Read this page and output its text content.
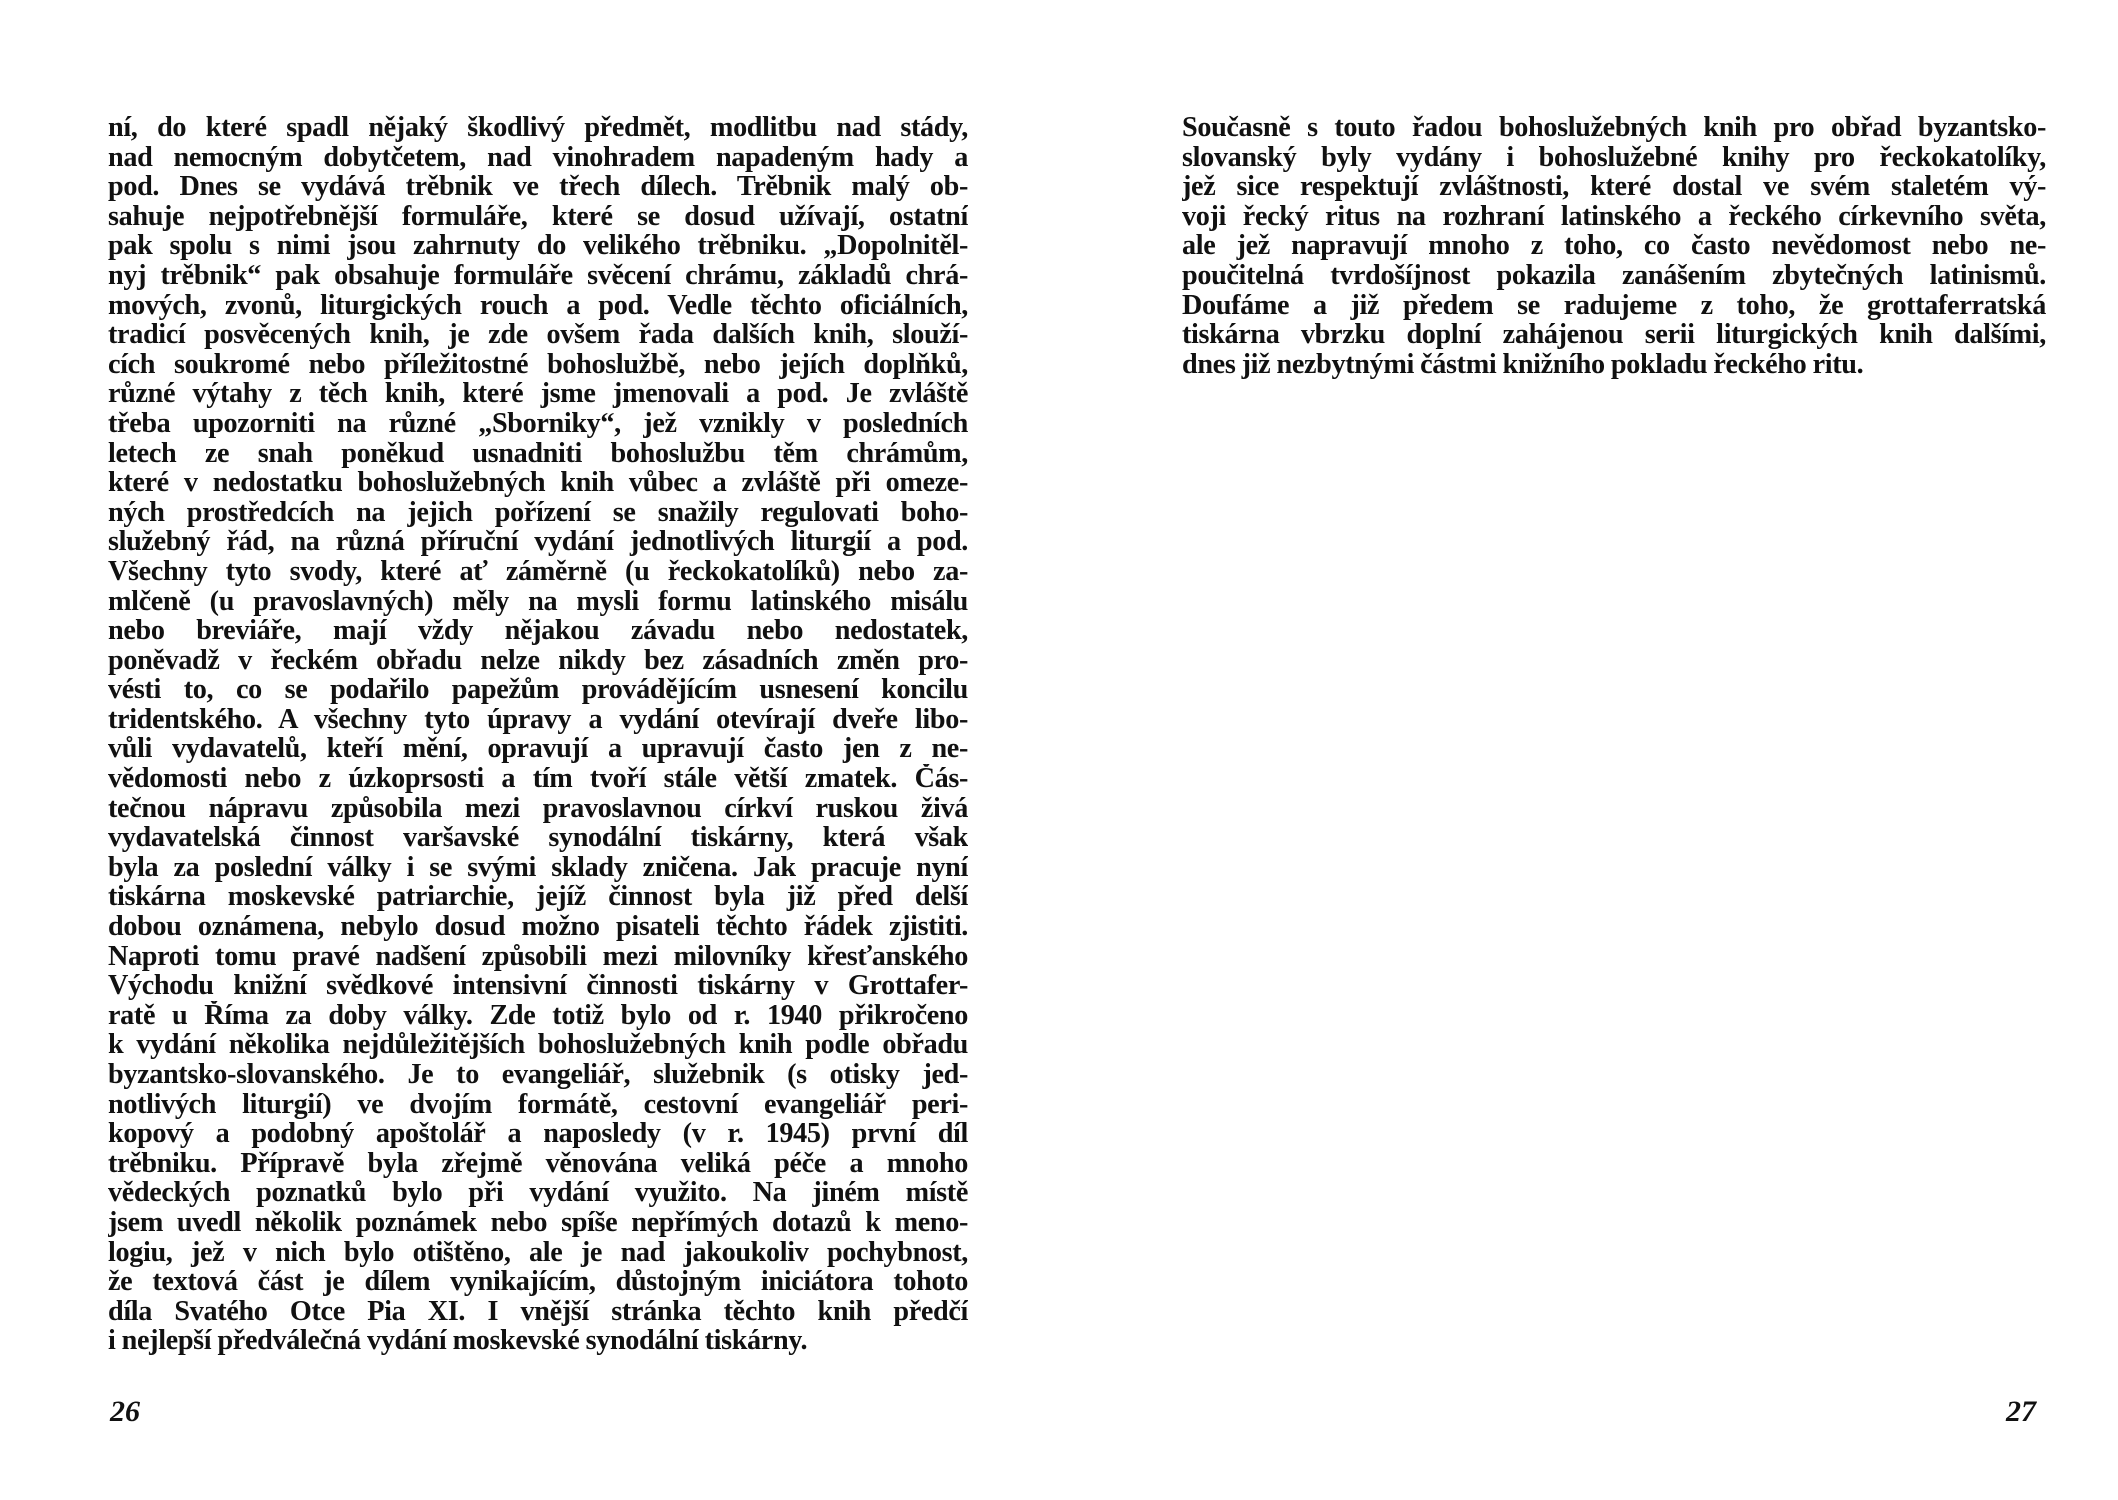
ní, do které spadl nějaký škodlivý předmět, modlitbu nad stády,
nad nemocným dobytčetem, nad vinohradem napadeným hady a
pod. Dnes se vydává trěbnik ve třech dílech. Trěbnik malý ob-
sahuje nejpotřebnější formuláře, které se dosud užívají, ostatní
pak spolu s nimi jsou zahrnuty do velikého trěbniku. „Dopolnitěl-
nyj trěbnik“ pak obsahuje formuláře svěcení chrámu, základů chrá-
mových, zvonů, liturgických rouch a pod. Vedle těchto oficiálních,
tradicí posvěcených knih, je zde ovšem řada dalších knih, slouží-
cích soukromé nebo příležitostné bohoslužbě, nebo jejích doplňků,
různé výtahy z těch knih, které jsme jmenovali a pod. Je zvláště
třeba upozorniti na různé „Sborniky“, jež vznikly v posledních
letech ze snah poněkud usnadniti bohoslužbu těm chrámům,
které v nedostatku bohoslužebných knih vůbec a zvláště při omeze-
ných prostředcích na jejich pořízení se snažily regulovati boho-
služebný řád, na různá příruční vydání jednotlivých liturgií a pod.
Všechny tyto svody, které ať záměrně (u řeckokatolíků) nebo za-
mlčeně (u pravoslavných) měly na mysli formu latinského misálu
nebo breviáře, mají vždy nějakou závadu nebo nedostatek,
poněvadž v řeckém obřadu nelze nikdy bez zásadních změn pro-
vésti to, co se podařilo papežům provádějícím usnesení koncilu
tridentského. A všechny tyto úpravy a vydání otevírají dveře libo-
vůli vydavatelů, kteří mění, opravují a upravují často jen z ne-
vědomosti nebo z úzkoprsosti a tím tvoří stále větší zmatek. Čás-
tečnou nápravu způsobila mezi pravoslavnou církví ruskou živá
vydavatelská činnost varšavské synodální tiskárny, která však
byla za poslední války i se svými sklady zničena. Jak pracuje nyní
tiskárna moskevské patriarchie, jejíž činnost byla již před delší
dobou oznámena, nebylo dosud možno pisateli těchto řádek zjistiti.
Naproti tomu pravé nadšení způsobili mezi milovníky křesťanského
Východu knižní svědkové intensivní činnosti tiskárny v Grottafer-
ratě u Říma za doby války. Zde totiž bylo od r. 1940 přikročeno
k vydání několika nejdůležitějších bohoslužebných knih podle obřadu
byzantsko-slovanského. Je to evangeliář, služebnik (s otisky jed-
notlivých liturgií) ve dvojím formátě, cestovní evangeliář peri-
kopový a podobný apoštolář a naposledy (v r. 1945) první díl
trěbniku. Přípravě byla zřejmě věnována veliká péče a mnoho
vědeckých poznatků bylo při vydání využito. Na jiném místě
jsem uvedl několik poznámek nebo spíše nepřímých dotazů k meno-
logiu, jež v nich bylo otištěno, ale je nad jakoukoliv pochybnost,
že textová část je dílem vynikajícím, důstojným iniciátora tohoto
díla Svatého Otce Pia XI. I vnější stránka těchto knih předčí
i nejlepší předválečná vydání moskevské synodální tiskárny.
26
Současně s touto řadou bohoslužebných knih pro obřad byzantsko-
slovanský byly vydány i bohoslužebné knihy pro řeckokatolíky,
jež sice respektují zvláštnosti, které dostal ve svém staletém vý-
voji řecký ritus na rozhraní latinského a řeckého církevního světa,
ale jež napravují mnoho z toho, co často nevědomost nebo ne-
poučitelná tvrdošíjnost pokazila zanášením zbytečných latinismů.
Doufáme a již předem se radujeme z toho, že grottaferratská
tiskárna vbrzku doplní zahájenou serii liturgických knih dalšími,
dnes již nezbytnými částmi knižního pokladu řeckého ritu.
27
